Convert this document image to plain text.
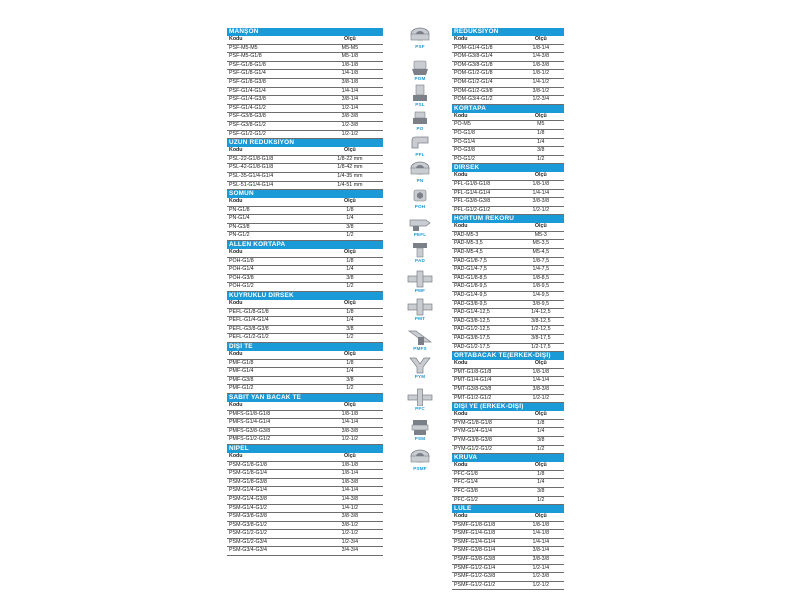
MANŞON
Kodu	Ölçü
PSF-M5-M5	M5-M5
PSF-M5-G1/8	M5-1/8
PSF-G1/8-G1/8	1/8-1/8
PSF-G1/8-G1/4	1/4-1/8
PSF-G1/8-G3/8	3/8-1/8
PSF-G1/4-G1/4	1/4-1/4
PSF-G1/4-G3/8	3/8-1/4
PSF-G1/4-G1/2	1/2-1/4
PSF-G3/8-G3/8	3/8-3/8
PSF-G3/8-G1/2	1/2-3/8
PSF-G1/2-G1/2	1/2-1/2
UZUN REDÜKSİYON
Kodu	Ölçü
PSL-22-G1/8-G1/8	1/8-22 mm
PSL-42-G1/8-G1/8	1/8-42 mm
PSL-35-G1/4-G1/4	1/4-35 mm
PSL-51-G1/4-G1/4	1/4-51 mm
SOMUN
Kodu	Ölçü
PN-G1/8	1/8
PN-G1/4	1/4
PN-G3/8	3/8
PN-G1/2	1/2
ALLEN KÖRTAPA
Kodu	Ölçü
POH-G1/8	1/8
POH-G1/4	1/4
POH-G3/8	3/8
POH-G1/2	1/2
KUYRUKLU DİRSEK
Kodu	Ölçü
PEFL-G1/8-G1/8	1/8
PEFL-G1/4-G1/4	1/4
PEFL-G3/8-G3/8	3/8
PEFL-G1/2-G1/2	1/2
DİŞİ TE
Kodu	Ölçü
PMF-G1/8	1/8
PMF-G1/4	1/4
PMF-G3/8	3/8
PMF-G1/2	1/2
SABİT YAN BACAK TE
Kodu	Ölçü
PMFS-G1/8-G1/8	1/8-1/8
PMFS-G1/4-G1/4	1/4-1/4
PMFS-G3/8-G3/8	3/8-3/8
PMFS-G1/2-G1/2	1/2-1/2
NİPEL
Kodu	Ölçü
PSM-G1/8-G1/8	1/8-1/8
PSM-G1/8-G1/4	1/8-1/4
PSM-G1/8-G3/8	1/8-3/8
PSM-G1/4-G1/4	1/4-1/4
PSM-G1/4-G3/8	1/4-3/8
PSM-G1/4-G1/2	1/4-1/2
PSM-G3/8-G3/8	3/8-3/8
PSM-G3/8-G1/2	3/8-1/2
PSM-G1/2-G1/2	1/2-1/2
PSM-G1/2-G3/4	1/2-3/4
PSM-G3/4-G3/4	3/4-3/4
REDÜKSİYON
Kodu	Ölçü
POM-G1/4-G1/8	1/8-1/4
POM-G3/8-G1/4	1/4-3/8
POM-G3/8-G1/8	1/8-3/8
POM-G1/2-G1/8	1/8-1/2
POM-G1/2-G1/4	1/4-1/2
POM-G1/2-G3/8	3/8-1/2
POM-G3/4-G1/2	1/2-3/4
KÖRTAPA
Kodu	Ölçü
PO-M5	M5
PO-G1/8	1/8
PO-G1/4	1/4
PO-G3/8	3/8
PO-G1/2	1/2
DİRSEK
Kodu	Ölçü
PFL-G1/8-G1/8	1/8-1/8
PFL-G1/4-G1/4	1/4-1/4
PFL-G3/8-G3/8	3/8-3/8
PFL-G1/2-G1/2	1/2-1/2
HORTUM REKORU
Kodu	Ölçü
PAD-M5-3	M5-3
PAD-M5-3,5	M5-3,5
PAD-M5-4,5	M5-4,5
PAD-G1/8-7,5	1/8-7,5
PAD-G1/4-7,5	1/4-7,5
PAD-G1/8-8,5	1/8-8,5
PAD-G1/8-9,5	1/8-9,5
PAD-G1/4-9,5	1/4-9,5
PAD-G3/8-9,5	3/8-9,5
PAD-G1/4-12,5	1/4-12,5
PAD-G3/8-12,5	3/8-12,5
PAD-G1/2-12,5	1/2-12,5
PAD-G3/8-17,5	3/8-17,5
PAD-G1/2-17,5	1/2-17,5
ORTABACAK TE(ERKEK-DİŞİ)
Kodu	Ölçü
PMT-G1/8-G1/8	1/8-1/8
PMT-G1/4-G1/4	1/4-1/4
PMT-G3/8-G3/8	3/8-3/8
PMT-G1/2-G1/2	1/2-1/2
DİŞİ YE (ERKEK-DİŞİ)
Kodu	Ölçü
PYM-G1/8-G1/8	1/8
PYM-G1/4-G1/4	1/4
PYM-G3/8-G3/8	3/8
PYM-G1/2-G1/2	1/2
KRUVA
Kodu	Ölçü
PFC-G1/8	1/8
PFC-G1/4	1/4
PFC-G3/8	3/8
PFC-G1/2	1/2
LÜLE
Kodu	Ölçü
PSMF-G1/8-G1/8	1/8-1/8
PSMF-G1/4-G1/8	1/4-1/8
PSMF-G1/4-G1/4	1/4-1/4
PSMF-G3/8-G1/4	3/8-1/4
PSMF-G3/8-G3/8	3/8-3/8
PSMF-G1/2-G1/4	1/2-1/4
PSMF-G1/2-G3/8	1/2-3/8
PSMF-G1/2-G1/2	1/2-1/2
PSF
POM
PSL
PO
PFL
PN
POH
PEFL
PAD
PMF
PMT
PMFS
PYM
PFC
PSM
PSMF
